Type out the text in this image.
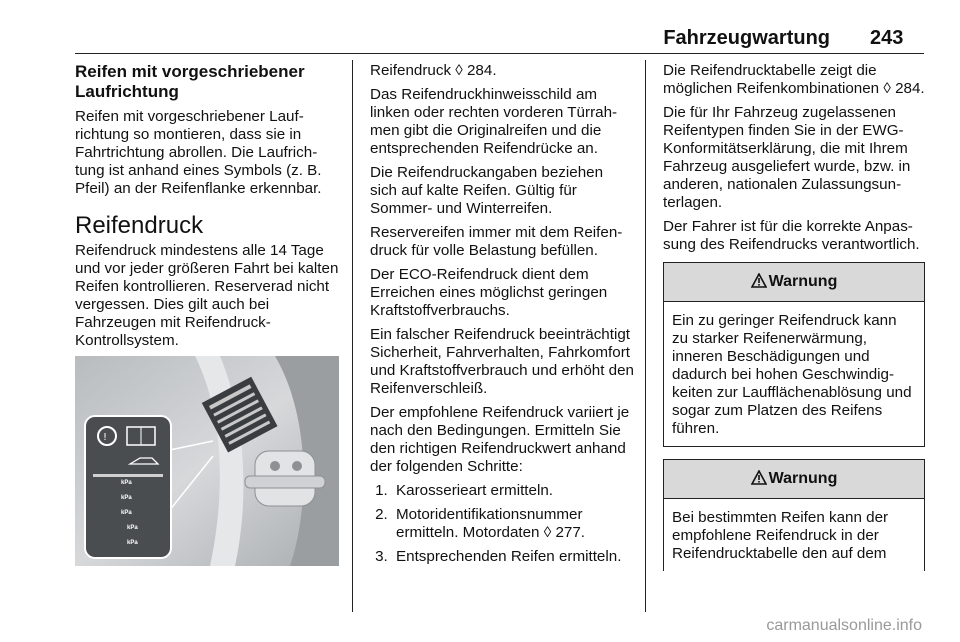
Fahrzeugwartung 243
Reifen mit vorgeschriebener Laufrichtung

Reifen mit vorgeschriebener Laufrichtung so montieren, dass sie in Fahrtrichtung abrollen. Die Laufrichtung ist anhand eines Symbols (z. B. Pfeil) an der Reifenflanke erkennbar.

Reifendruck

Reifendruck mindestens alle 14 Tage und vor jeder größeren Fahrt bei kalten Reifen kontrollieren. Reserverad nicht vergessen. Dies gilt auch bei Fahrzeugen mit Reifendruck-Kontrollsystem.

!
kPa
kPa
kPa
kPa
kPa

Reifendruck ◊ 284.

Das Reifendruckhinweisschild am linken oder rechten vorderen Türrahmen gibt die Originalreifen und die entsprechenden Reifendrücke an.

Die Reifendruckangaben beziehen sich auf kalte Reifen. Gültig für Sommer- und Winterreifen.

Reservereifen immer mit dem Reifendruck für volle Belastung befüllen.

Der ECO-Reifendruck dient dem Erreichen eines möglichst geringen Kraftstoffverbrauchs.

Ein falscher Reifendruck beeinträchtigt Sicherheit, Fahrverhalten, Fahrkomfort und Kraftstoffverbrauch und erhöht den Reifenverschleiß.

Der empfohlene Reifendruck variiert je nach den Bedingungen. Ermitteln Sie den richtigen Reifendruckwert anhand der folgenden Schritte:

1. Karosserieart ermitteln.
2. Motoridentifikationsnummer ermitteln. Motordaten ◊ 277.
3. Entsprechenden Reifen ermitteln.

Die Reifendrucktabelle zeigt die möglichen Reifenkombinationen ◊ 284.

Die für Ihr Fahrzeug zugelassenen Reifentypen finden Sie in der EWG-Konformitätserklärung, die mit Ihrem Fahrzeug ausgeliefert wurde, bzw. in anderen, nationalen Zulassungsunterlagen.

Der Fahrer ist für die korrekte Anpassung des Reifendrucks verantwortlich.

Warnung
Ein zu geringer Reifendruck kann zu starker Reifenerwärmung, inneren Beschädigungen und dadurch bei hohen Geschwindigkeiten zur Laufflächenablösung und sogar zum Platzen des Reifens führen.
Warnung
Bei bestimmten Reifen kann der empfohlene Reifendruck in der Reifendrucktabelle den auf dem
carmanualsonline.info
